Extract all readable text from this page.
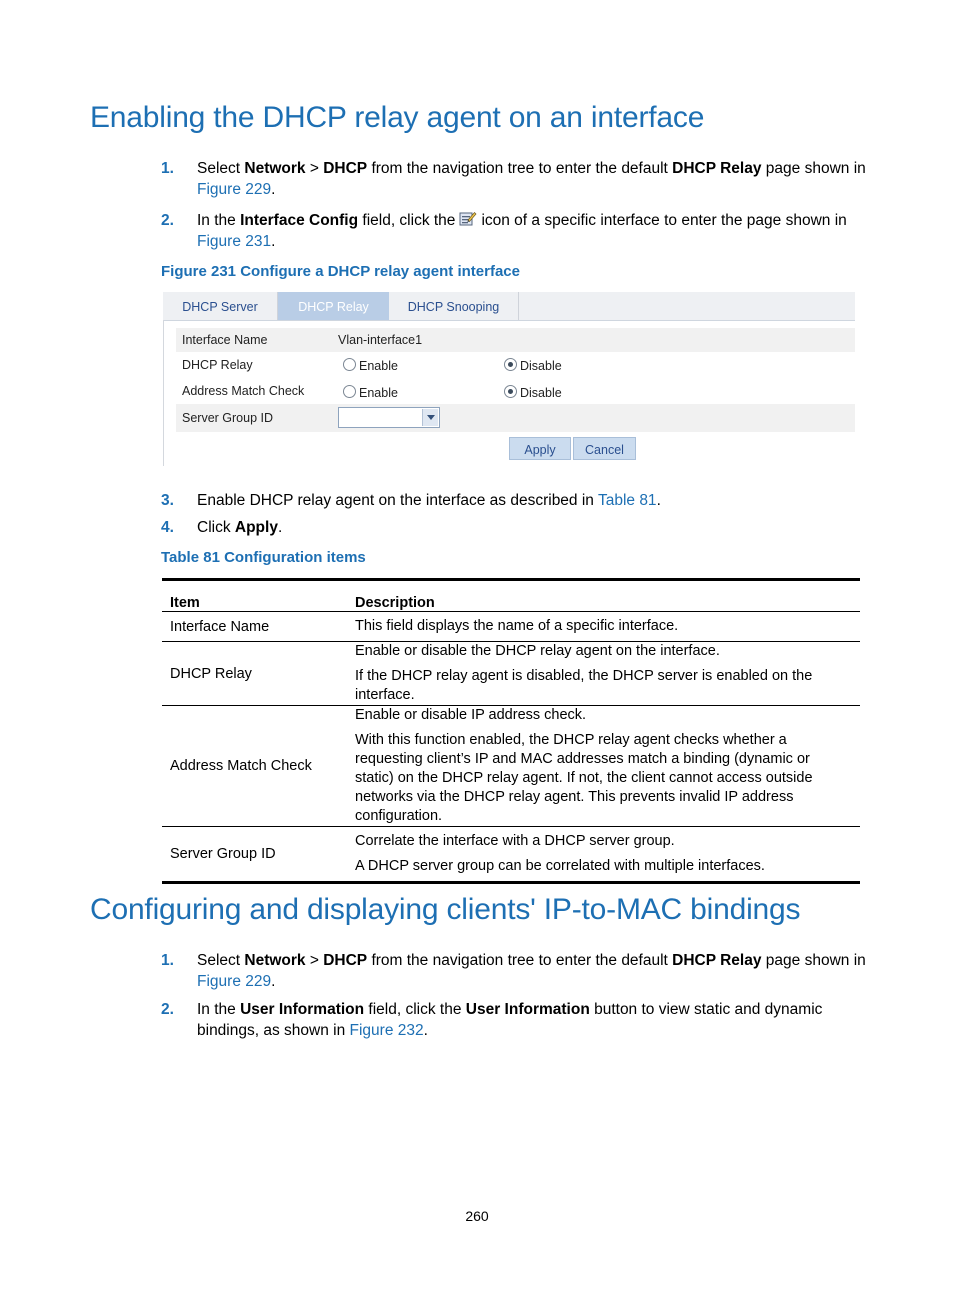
Enabling the DHCP relay agent on an interface
1. Select Network > DHCP from the navigation tree to enter the default DHCP Relay page shown in Figure 229.
2. In the Interface Config field, click the icon of a specific interface to enter the page shown in Figure 231.
Figure 231 Configure a DHCP relay agent interface
DHCP Server	DHCP Relay	DHCP Snooping
Interface Name	Vlan-interface1
DHCP Relay	Enable	Disable
Address Match Check	Enable	Disable
Server Group ID
Apply	Cancel
3. Enable DHCP relay agent on the interface as described in Table 81.
4. Click Apply.
Table 81 Configuration items
Item	Description
Interface Name	This field displays the name of a specific interface.

DHCP Relay	Enable or disable the DHCP relay agent on the interface.

If the DHCP relay agent is disabled, the DHCP server is enabled on the interface.

Address Match Check	Enable or disable IP address check.

With this function enabled, the DHCP relay agent checks whether a requesting client’s IP and MAC addresses match a binding (dynamic or static) on the DHCP relay agent. If not, the client cannot access outside networks via the DHCP relay agent. This prevents invalid IP address configuration.

Server Group ID	Correlate the interface with a DHCP server group.

A DHCP server group can be correlated with multiple interfaces.

Configuring and displaying clients' IP-to-MAC bindings
1. Select Network > DHCP from the navigation tree to enter the default DHCP Relay page shown in Figure 229.
2. In the User Information field, click the User Information button to view static and dynamic bindings, as shown in Figure 232.
260
